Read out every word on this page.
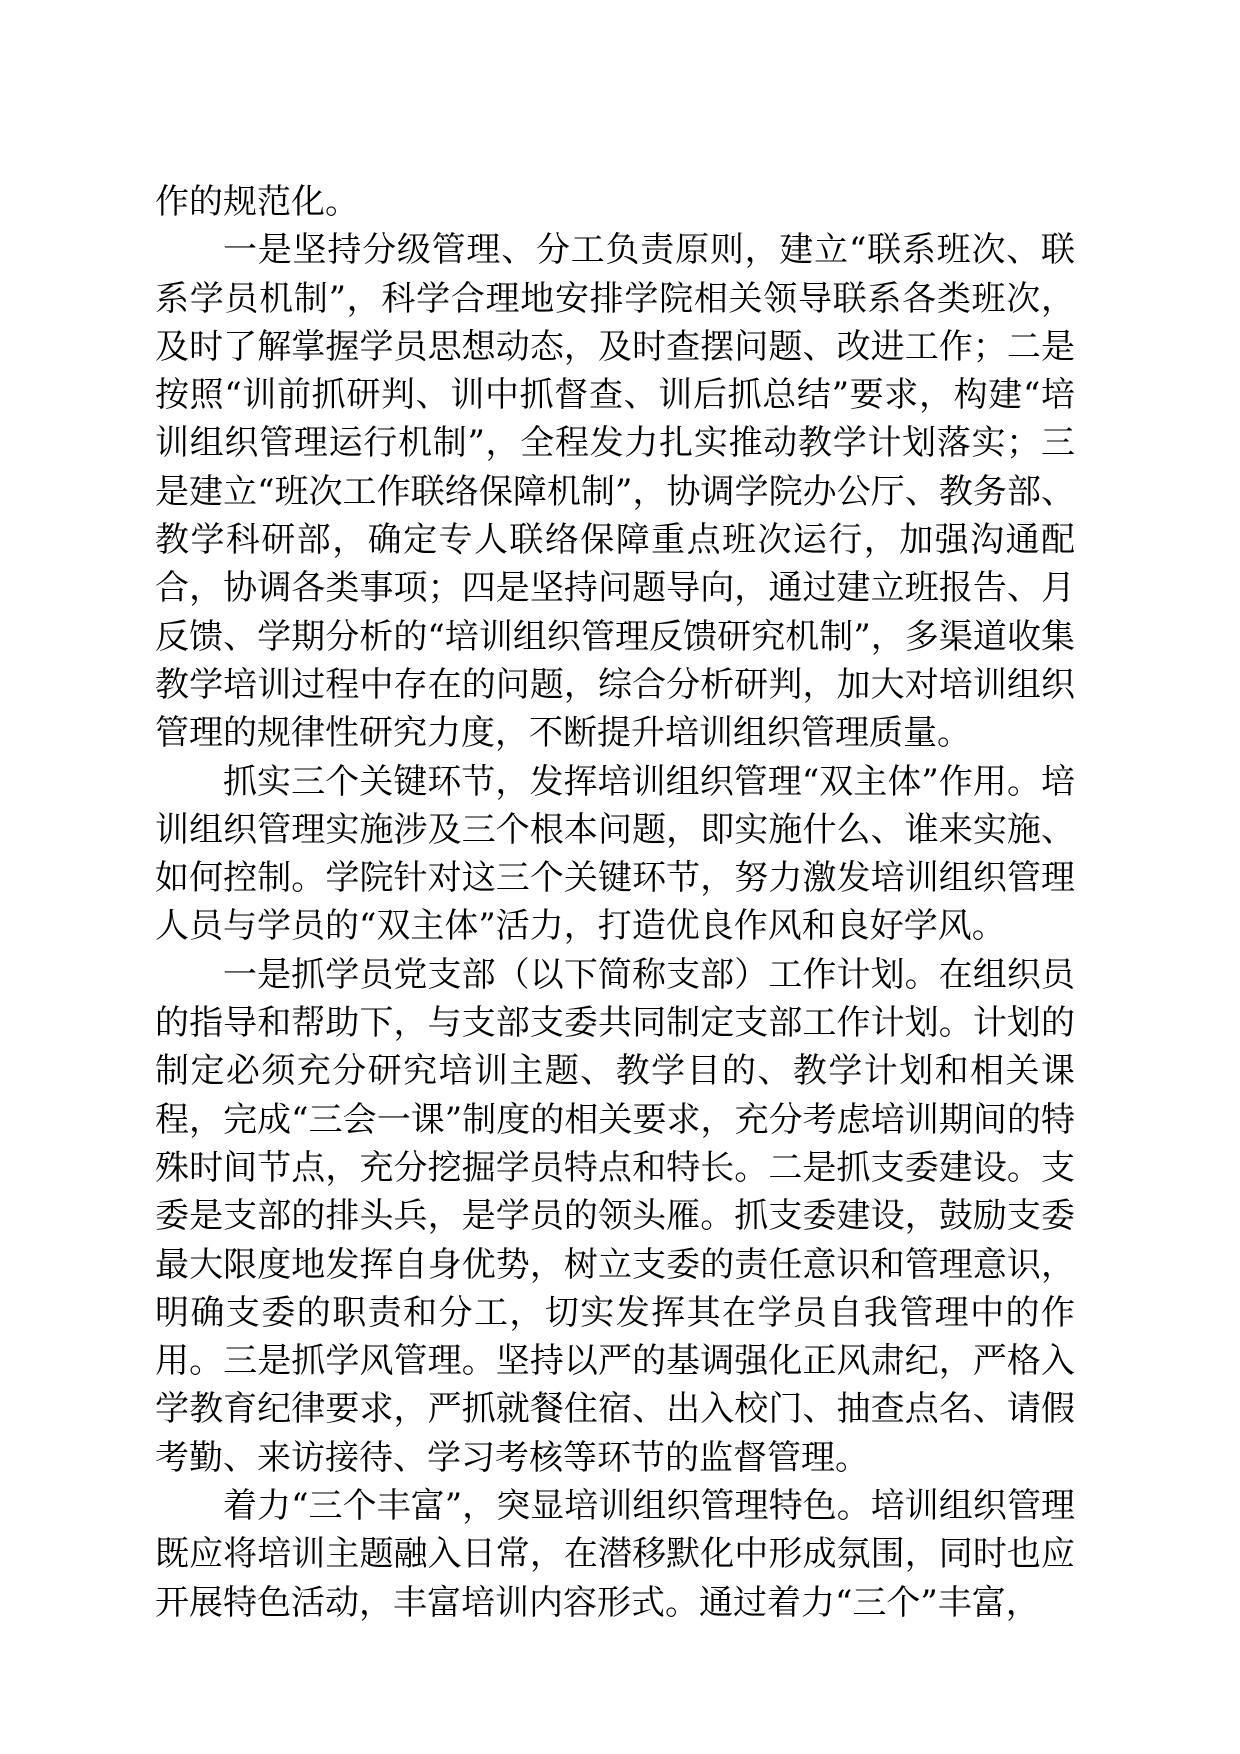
作的规范化。

一是坚持分级管理、分工负责原则，建立“联系班次、联系学员机制”，科学合理地安排学院相关领导联系各类班次，及时了解掌握学员思想动态，及时查摆问题、改进工作；二是按照“训前抓研判、训中抓督查、训后抓总结”要求，构建“培训组织管理运行机制”，全程发力扎实推动教学计划落实；三是建立“班次工作联络保障机制”，协调学院办公厅、教务部、教学科研部，确定专人联络保障重点班次运行，加强沟通配合，协调各类事项；四是坚持问题导向，通过建立班报告、月反馈、学期分析的“培训组织管理反馈研究机制”，多渠道收集教学培训过程中存在的问题，综合分析研判，加大对培训组织管理的规律性研究力度，不断提升培训组织管理质量。

抓实三个关键环节，发挥培训组织管理“双主体”作用。培训组织管理实施涉及三个根本问题，即实施什么、谁来实施、如何控制。学院针对这三个关键环节，努力激发培训组织管理人员与学员的“双主体”活力，打造优良作风和良好学风。

一是抓学员党支部（以下简称支部）工作计划。在组织员的指导和帮助下，与支部支委共同制定支部工作计划。计划的制定必须充分研究培训主题、教学目的、教学计划和相关课程，完成“三会一课”制度的相关要求，充分考虑培训期间的特殊时间节点，充分挖掘学员特点和特长。二是抓支委建设。支委是支部的排头兵，是学员的领头雁。抓支委建设，鼓励支委最大限度地发挥自身优势，树立支委的责任意识和管理意识，明确支委的职责和分工，切实发挥其在学员自我管理中的作用。三是抓学风管理。坚持以严的基调强化正风肃纪，严格入学教育纪律要求，严抓就餐住宿、出入校门、抽查点名、请假考勤、来访接待、学习考核等环节的监督管理。

着力“三个丰富”，突显培训组织管理特色。培训组织管理既应将培训主题融入日常，在潜移默化中形成氛围，同时也应开展特色活动，丰富培训内容形式。通过着力“三个”丰富，
